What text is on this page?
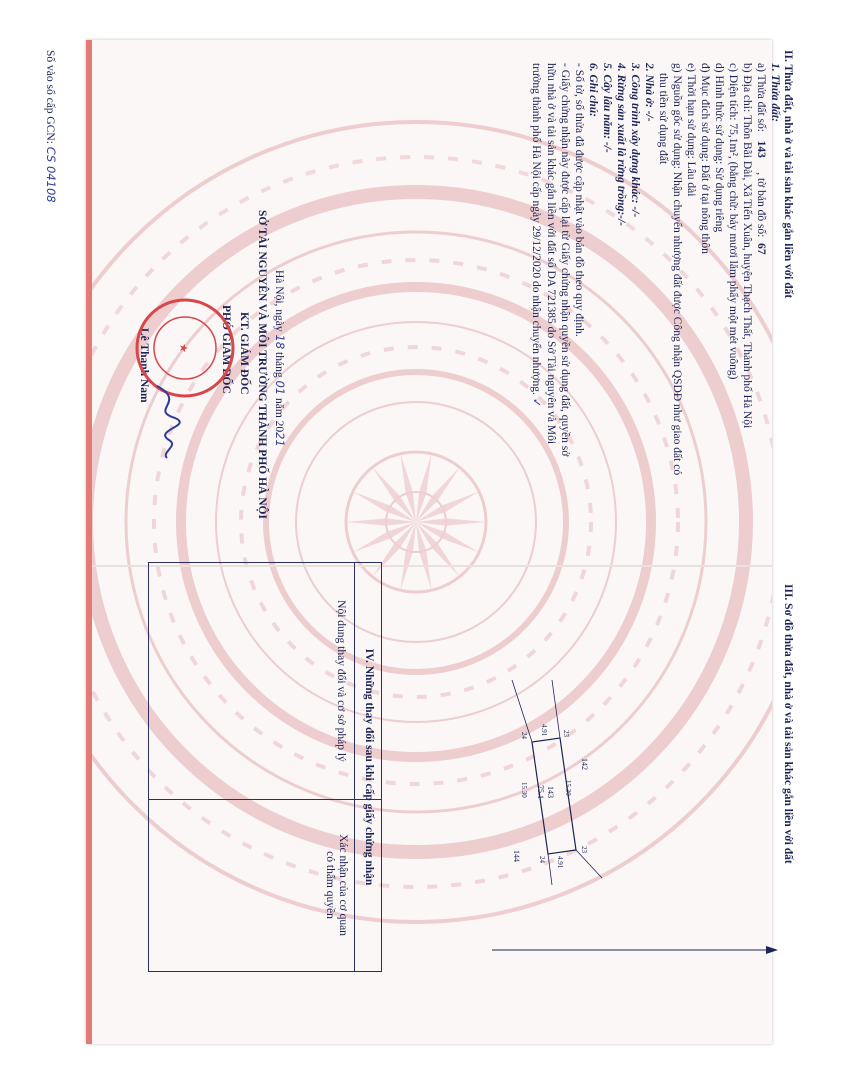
II. Thửa đất, nhà ở và tài sản khác gắn liền với đất
1. Thửa đất:
a) Thửa đất số:   143     , tờ bản đồ số:  67
b) Địa chỉ: Thôn Bãi Dài, Xã Tiến Xuân, huyện Thạch Thất, Thành phố Hà Nội
c) Diện tích: 75,1m², (bằng chữ: bảy mươi lăm phẩy một mét vuông)
d) Hình thức sử dụng: Sử dụng riêng
đ) Mục đích sử dụng: Đất ở tại nông thôn
e) Thời hạn sử dụng: Lâu dài
g) Nguồn gốc sử dụng: Nhận chuyển nhượng đất được Công nhận QSDĐ như giao đất có
thu tiền sử dụng đất
2. Nhà ở: -/-
3. Công trình xây dựng khác: -/-
4. Rừng sản xuất là rừng trồng:-/-
5. Cây lâu năm: -/-
6. Ghi chú:
- Số tờ, số thửa đã được cập nhật vào bản đồ theo quy định.
- Giấy chứng nhận này được cấp lại từ Giấy chứng nhận quyền sử dụng đất, quyền sở
hữu nhà ở và tài sản khác gắn liền với đất số DA 721385 do Sở Tài nguyên và Môi
trường thành phố Hà Nội cấp ngày 29/12/2020 do nhận chuyển nhượng. ✓
Hà Nội, ngày 18 tháng 01 năm 2021
SỞ TÀI NGUYÊN VÀ MÔI TRƯỜNG THÀNH PHỐ HÀ NỘI
KT. GIÁM ĐỐC
PHÓ GIÁM ĐỐC
Lê Thanh Nam ★
Số vào sổ cấp GCN: CS 04108
III. Sơ đồ thửa đất, nhà ở và tài sản khác gắn liền với đất
143
75.1
142
144
15.30
4.91
15.30
4.91 23
24
23
24
IV. Những thay đổi sau khi cấp giấy chứng nhận
Nội dung thay đổi và cơ sở pháp lý
Xác nhận của cơ quan
có thẩm quyền
